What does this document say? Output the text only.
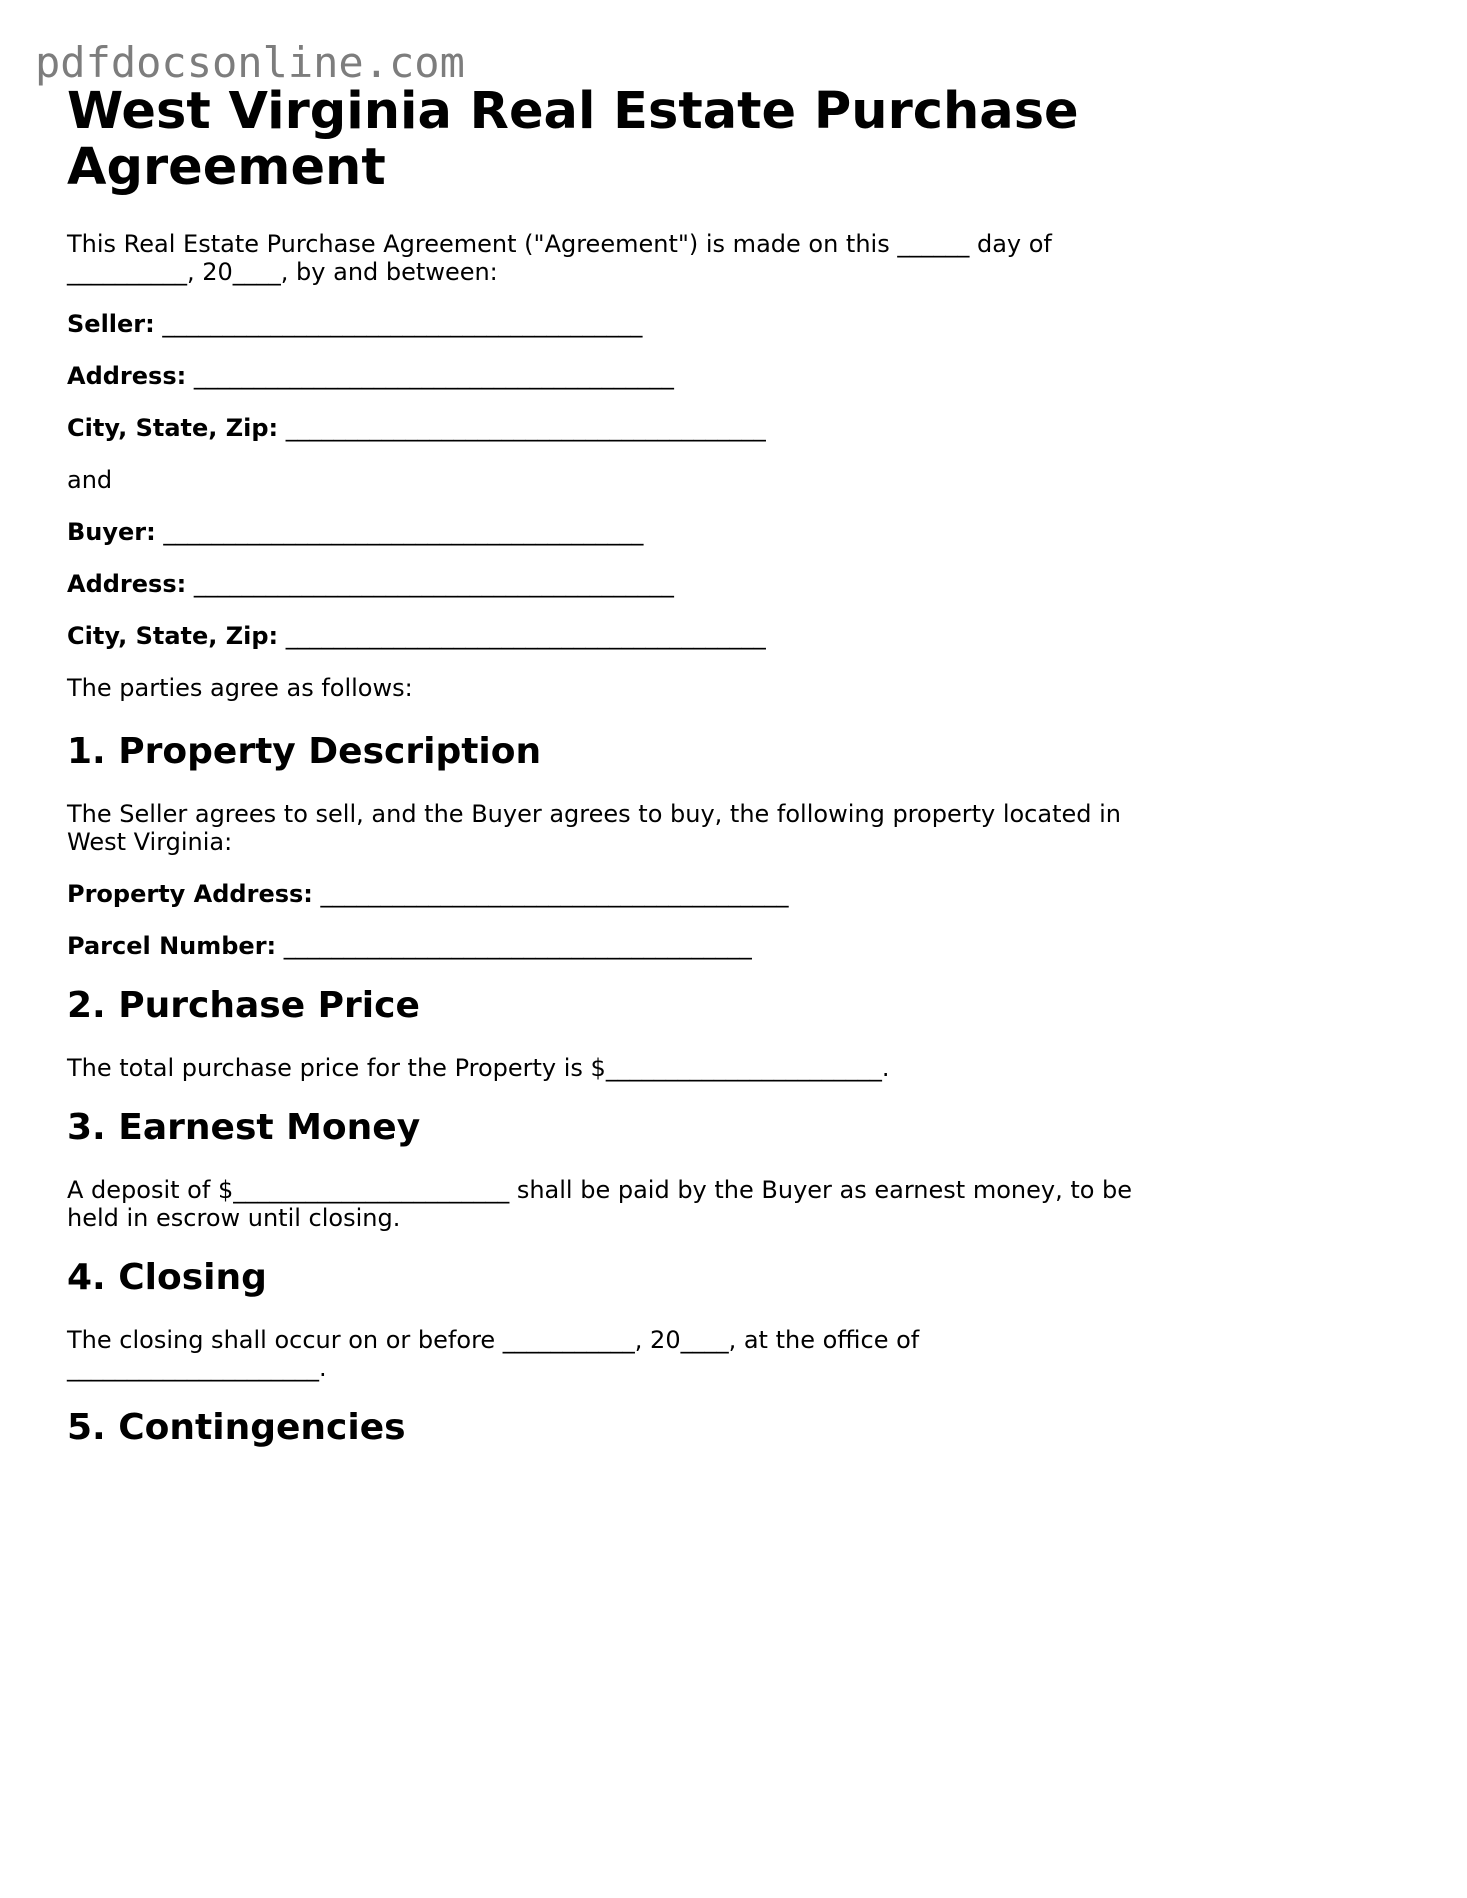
pdfdocsonline.com
West Virginia Real Estate Purchase Agreement

This Real Estate Purchase Agreement ("Agreement") is made on this ______ day of __________, 20____, by and between:

Seller: ________________________________________

Address: ________________________________________

City, State, Zip: ________________________________________

and

Buyer: ________________________________________

Address: ________________________________________

City, State, Zip: ________________________________________

The parties agree as follows:

1. Property Description

The Seller agrees to sell, and the Buyer agrees to buy, the following property located in West Virginia:

Property Address: _______________________________________

Parcel Number: _______________________________________

2. Purchase Price

The total purchase price for the Property is $_______________________.

3. Earnest Money

A deposit of $_______________________ shall be paid by the Buyer as earnest money, to be held in escrow until closing.

4. Closing

The closing shall occur on or before ___________, 20____, at the office of _____________________.

5. Contingencies
